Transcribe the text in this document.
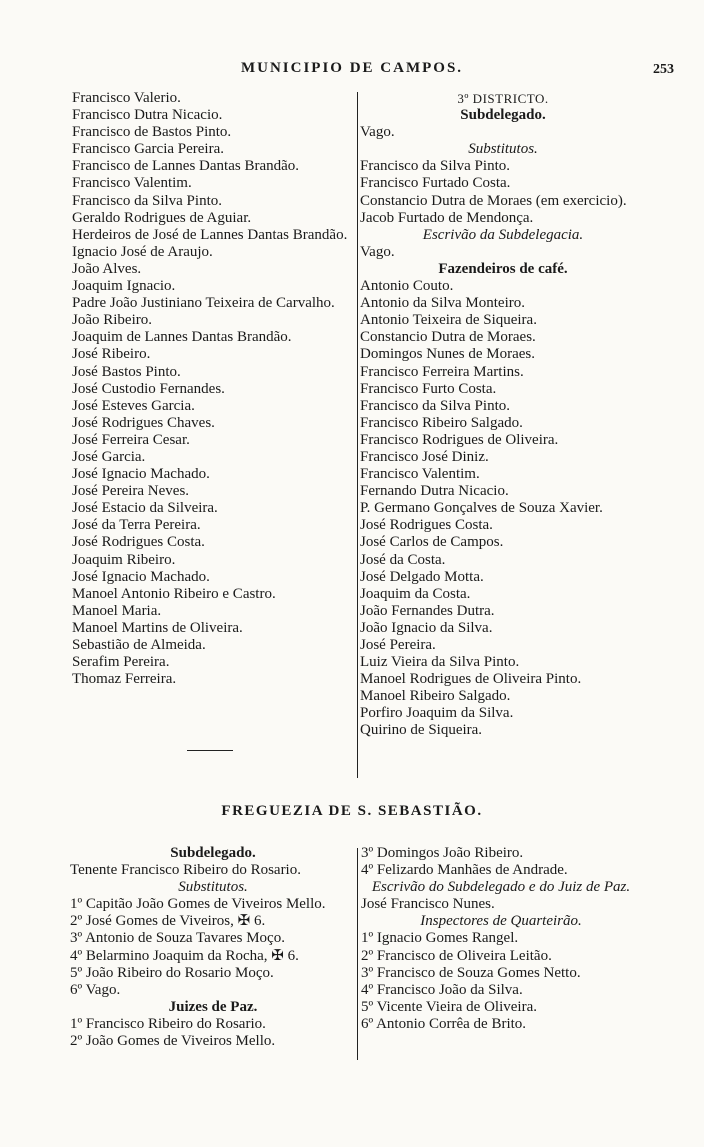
MUNICIPIO DE CAMPOS.	253
Francisco Valerio.
Francisco Dutra Nicacio.
Francisco de Bastos Pinto.
Francisco Garcia Pereira.
Francisco de Lannes Dantas Brandão.
Francisco Valentim.
Francisco da Silva Pinto.
Geraldo Rodrigues de Aguiar.
Herdeiros de José de Lannes Dantas Brandão.
Ignacio José de Araujo.
João Alves.
Joaquim Ignacio.
Padre João Justiniano Teixeira de Carvalho.
João Ribeiro.
Joaquim de Lannes Dantas Brandão.
José Ribeiro.
José Bastos Pinto.
José Custodio Fernandes.
José Esteves Garcia.
José Rodrigues Chaves.
José Ferreira Cesar.
José Garcia.
José Ignacio Machado.
José Pereira Neves.
José Estacio da Silveira.
José da Terra Pereira.
José Rodrigues Costa.
Joaquim Ribeiro.
José Ignacio Machado.
Manoel Antonio Ribeiro e Castro.
Manoel Maria.
Manoel Martins de Oliveira.
Sebastião de Almeida.
Serafim Pereira.
Thomaz Ferreira.
3º DISTRICTO.
Subdelegado.
Vago.
Substitutos.
Francisco da Silva Pinto.
Francisco Furtado Costa.
Constancio Dutra de Moraes (em exercicio).
Jacob Furtado de Mendonça.
Escrivão da Subdelegacia.
Vago.
Fazendeiros de café.
Antonio Couto.
Antonio da Silva Monteiro.
Antonio Teixeira de Siqueira.
Constancio Dutra de Moraes.
Domingos Nunes de Moraes.
Francisco Ferreira Martins.
Francisco Furto Costa.
Francisco da Silva Pinto.
Francisco Ribeiro Salgado.
Francisco Rodrigues de Oliveira.
Francisco José Diniz.
Francisco Valentim.
Fernando Dutra Nicacio.
P. Germano Gonçalves de Souza Xavier.
José Rodrigues Costa.
José Carlos de Campos.
José da Costa.
José Delgado Motta.
Joaquim da Costa.
João Fernandes Dutra.
João Ignacio da Silva.
José Pereira.
Luiz Vieira da Silva Pinto.
Manoel Rodrigues de Oliveira Pinto.
Manoel Ribeiro Salgado.
Porfiro Joaquim da Silva.
Quirino de Siqueira.
FREGUEZIA DE S. SEBASTIÃO.
Subdelegado.
Tenente Francisco Ribeiro do Rosario.
Substitutos.
1º Capitão João Gomes de Viveiros Mello.
2º José Gomes de Viveiros, ✠ 6.
3º Antonio de Souza Tavares Moço.
4º Belarmino Joaquim da Rocha, ✠ 6.
5º João Ribeiro do Rosario Moço.
6º Vago.
Juizes de Paz.
1º Francisco Ribeiro do Rosario.
2º João Gomes de Viveiros Mello.
3º Domingos João Ribeiro.
4º Felizardo Manhães de Andrade.
Escrivão do Subdelegado e do Juiz de Paz.
José Francisco Nunes.
Inspectores de Quarteirão.
1º Ignacio Gomes Rangel.
2º Francisco de Oliveira Leitão.
3º Francisco de Souza Gomes Netto.
4º Francisco João da Silva.
5º Vicente Vieira de Oliveira.
6º Antonio Corrêa de Brito.
